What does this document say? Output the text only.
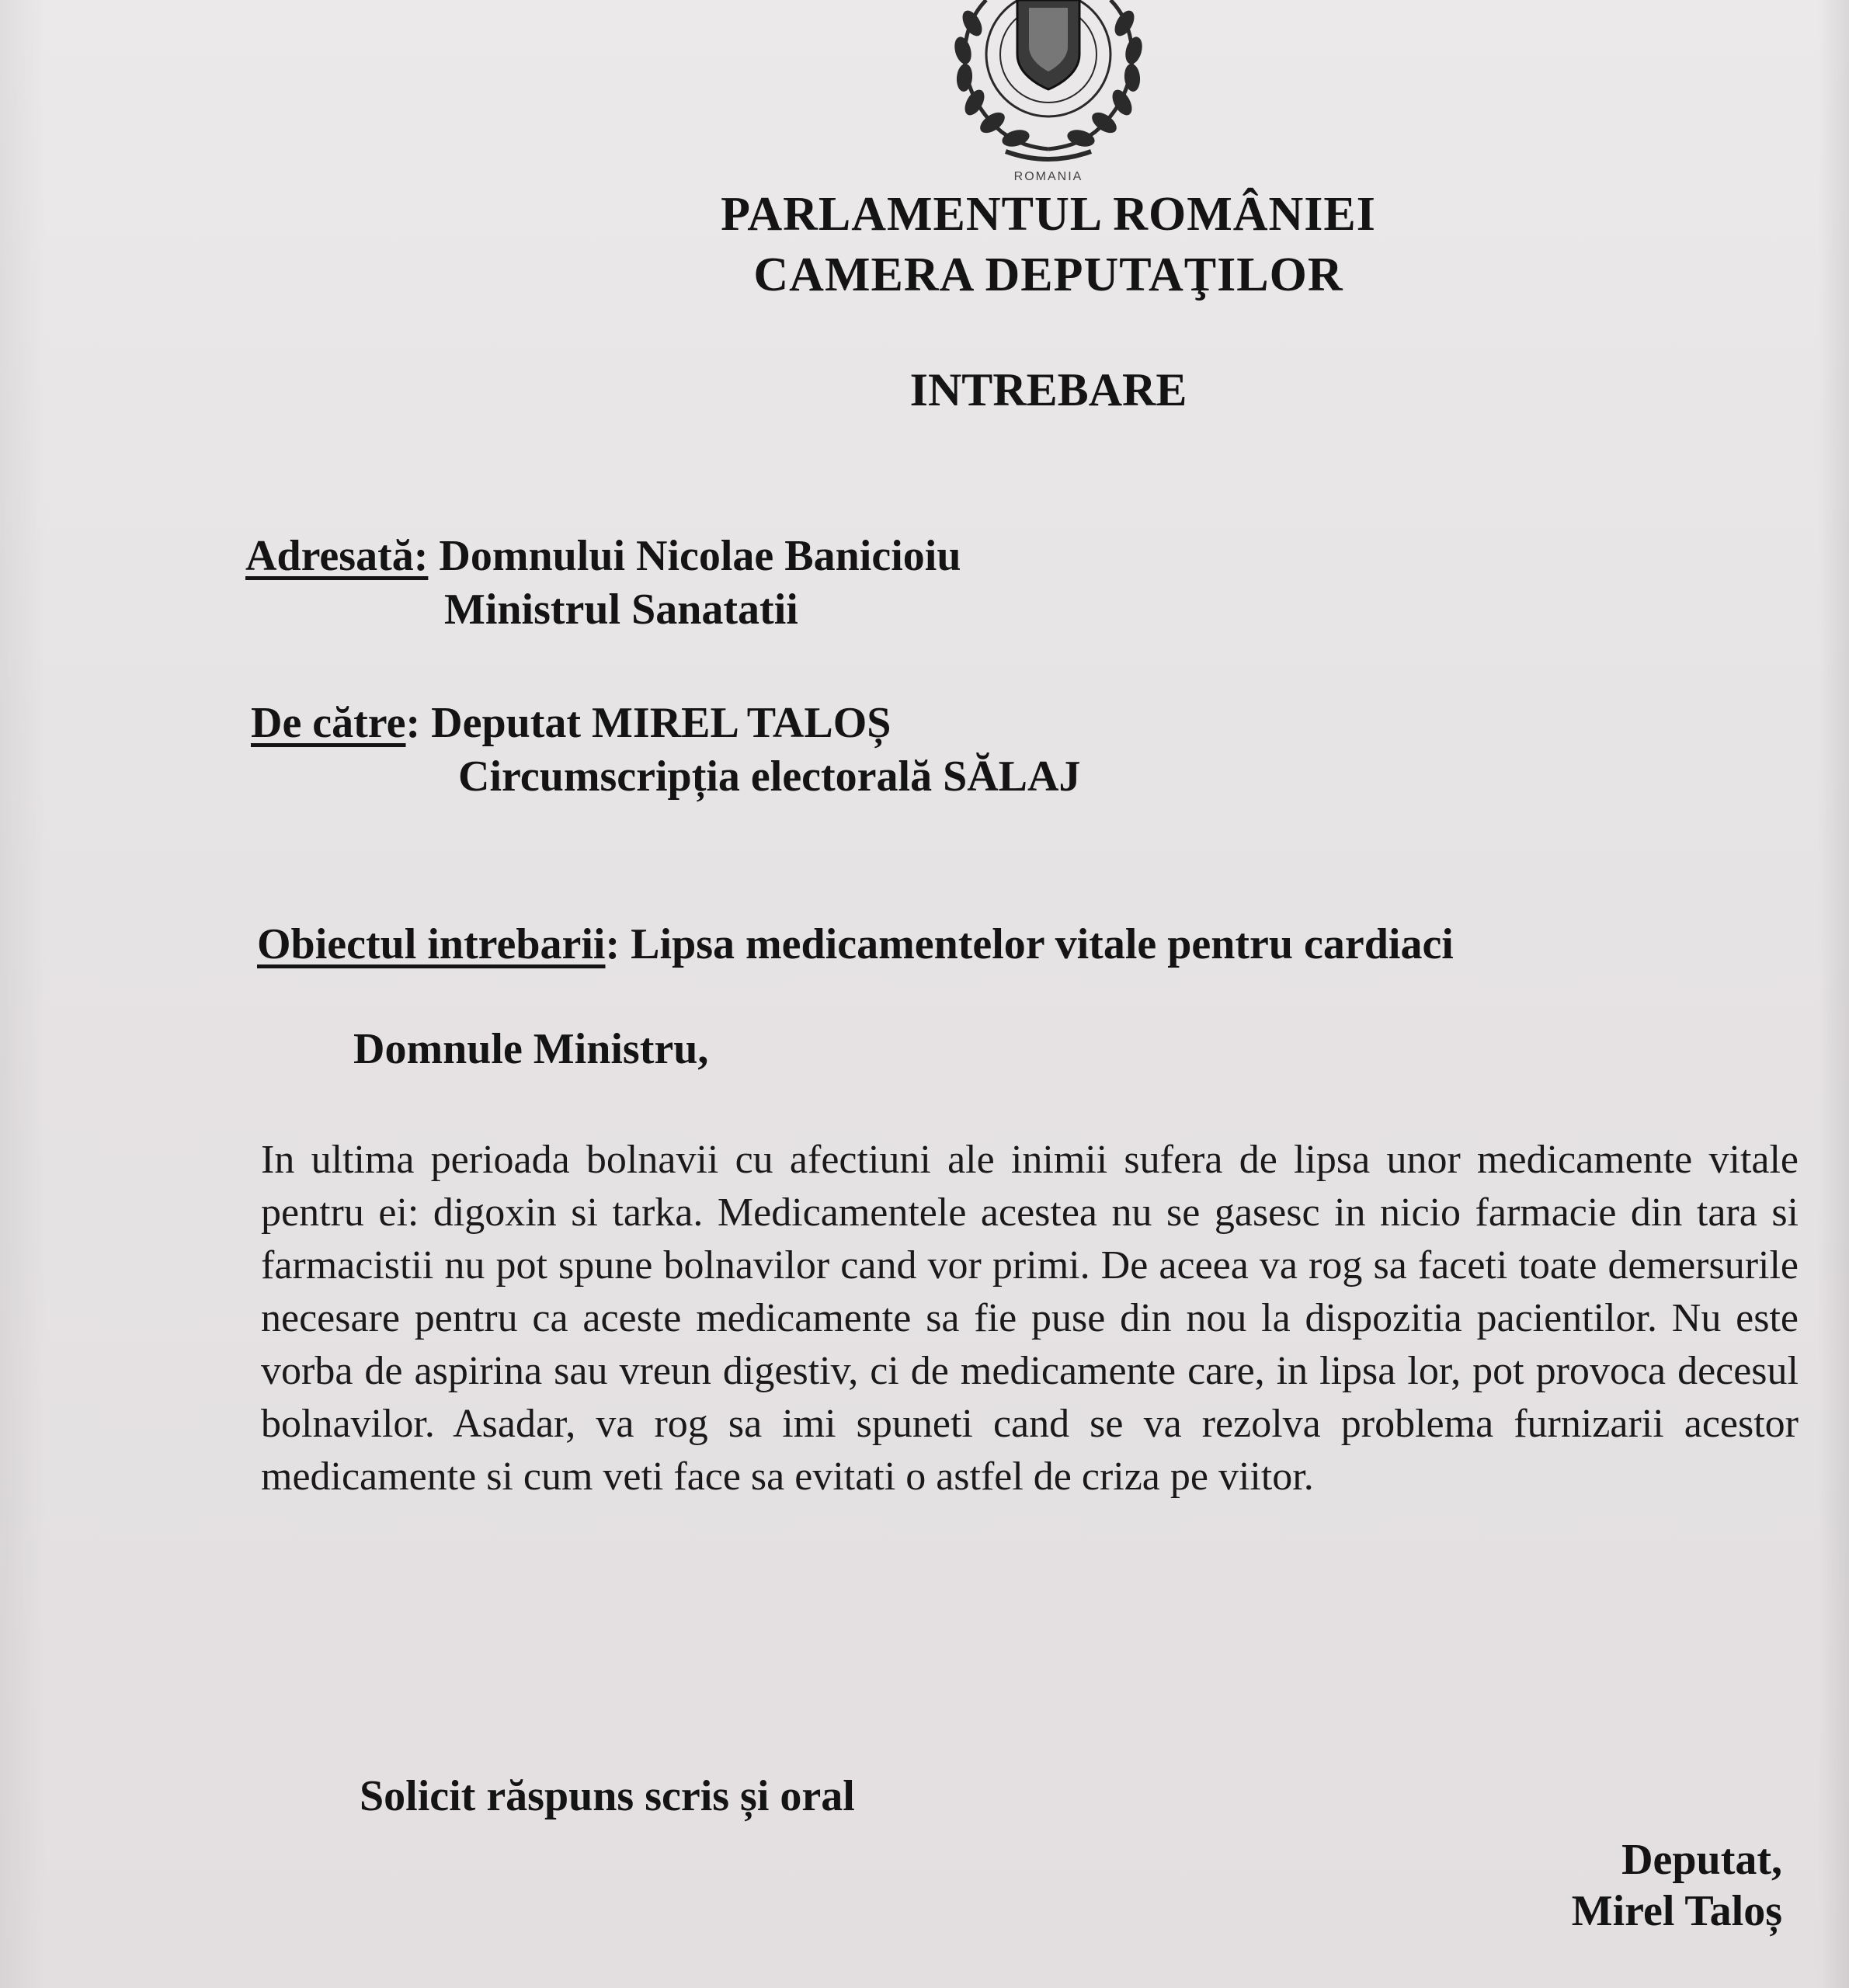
ROMANIA
PARLAMENTUL ROMÂNIEI
CAMERA DEPUTAŢILOR
INTREBARE
Adresată: Domnului Nicolae Banicioiu
Ministrul Sanatatii
De către: Deputat MIREL TALOȘ
Circumscripția electorală SĂLAJ
Obiectul intrebarii: Lipsa medicamentelor vitale pentru cardiaci
Domnule Ministru,
In ultima perioada bolnavii cu afectiuni ale inimii sufera de lipsa unor medicamente vitale pentru ei: digoxin si tarka. Medicamentele acestea nu se gasesc in nicio farmacie din tara si farmacistii nu pot spune bolnavilor cand vor primi. De aceea va rog sa faceti toate demersurile necesare pentru ca aceste medicamente sa fie puse din nou la dispozitia pacientilor. Nu este vorba de aspirina sau vreun digestiv, ci de medicamente care, in lipsa lor, pot provoca decesul bolnavilor. Asadar, va rog sa imi spuneti cand se va rezolva problema furnizarii acestor medicamente si cum veti face sa evitati o astfel de criza pe viitor.
Solicit răspuns scris și oral
Deputat,
Mirel Taloș
